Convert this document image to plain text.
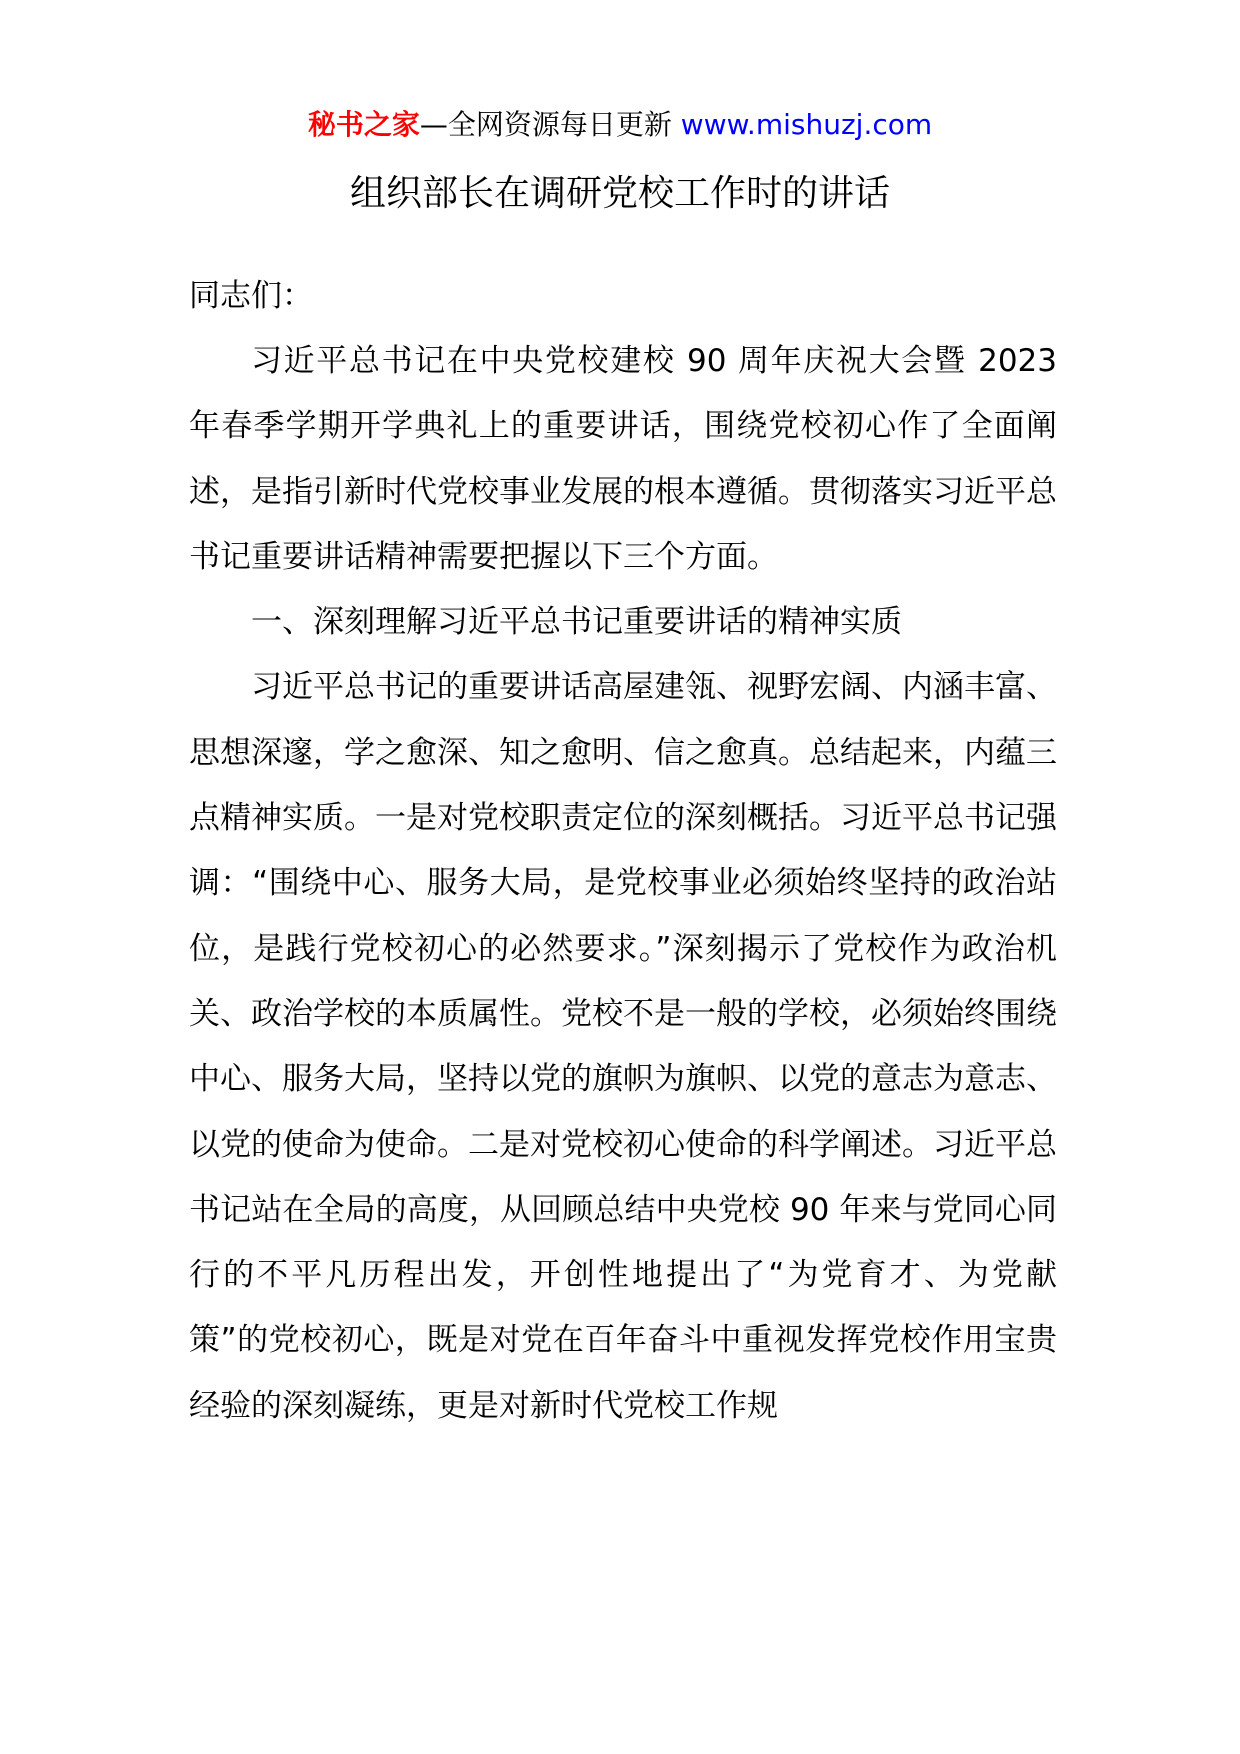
秘书之家—全网资源每日更新 www.mishuzj.com
组织部长在调研党校工作时的讲话
同志们：

习近平总书记在中央党校建校 90 周年庆祝大会暨 2023 年春季学期开学典礼上的重要讲话，围绕党校初心作了全面阐述，是指引新时代党校事业发展的根本遵循。贯彻落实习近平总书记重要讲话精神需要把握以下三个方面。

一、深刻理解习近平总书记重要讲话的精神实质

习近平总书记的重要讲话高屋建瓴、视野宏阔、内涵丰富、思想深邃，学之愈深、知之愈明、信之愈真。总结起来，内蕴三点精神实质。一是对党校职责定位的深刻概括。习近平总书记强调：“围绕中心、服务大局，是党校事业必须始终坚持的政治站位，是践行党校初心的必然要求。”深刻揭示了党校作为政治机关、政治学校的本质属性。党校不是一般的学校，必须始终围绕中心、服务大局，坚持以党的旗帜为旗帜、以党的意志为意志、以党的使命为使命。二是对党校初心使命的科学阐述。习近平总书记站在全局的高度，从回顾总结中央党校 90 年来与党同心同行的不平凡历程出发，开创性地提出了“为党育才、为党献策”的党校初心，既是对党在百年奋斗中重视发挥党校作用宝贵经验的深刻凝练，更是对新时代党校工作规
